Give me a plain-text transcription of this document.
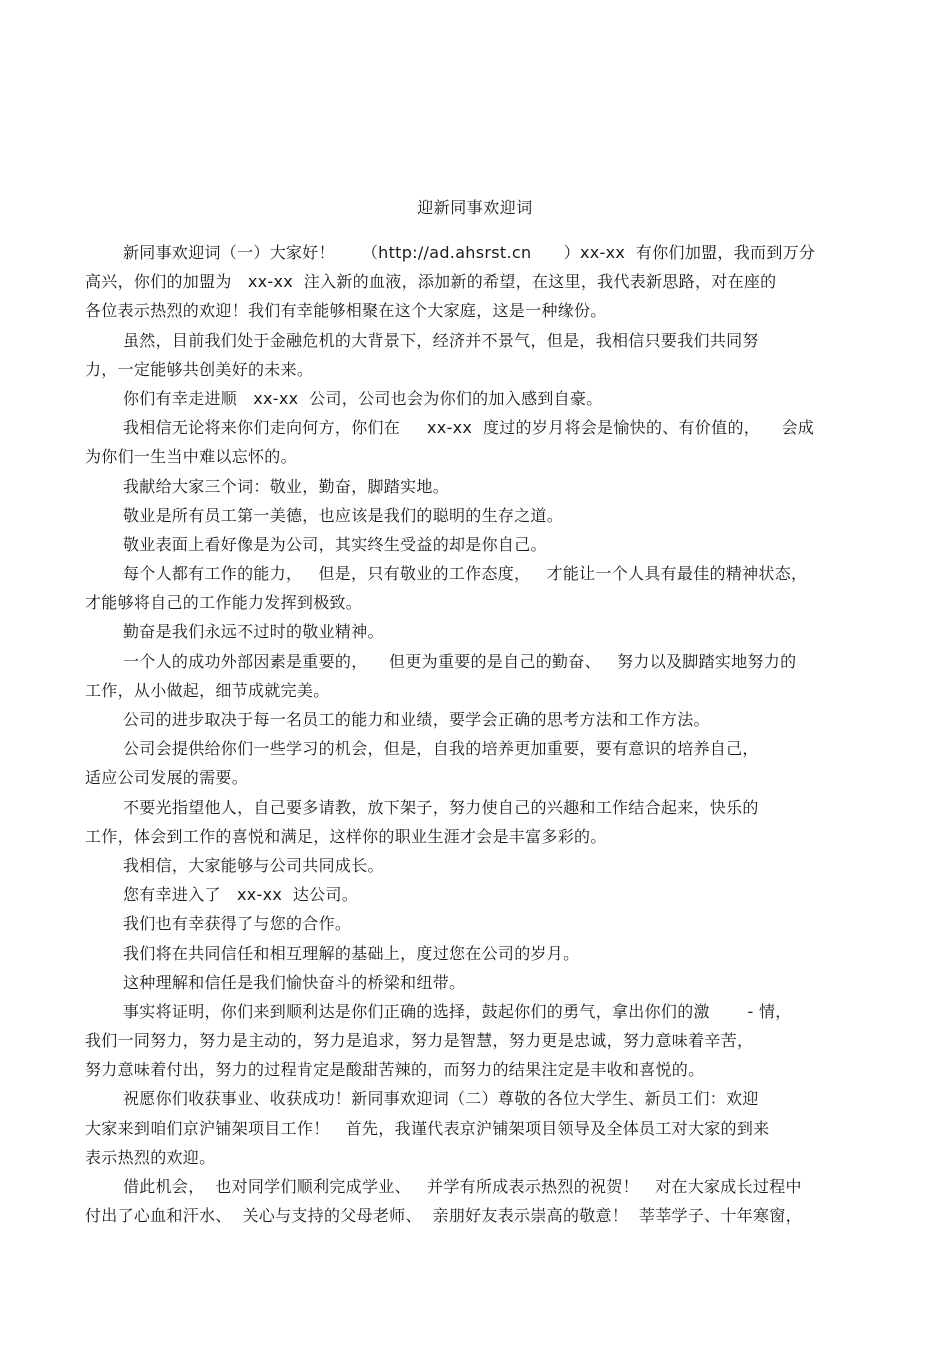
迎新同事欢迎词
新同事欢迎词（一）大家好！     （http://ad.ahsrst.cn      ）xx-xx  有你们加盟，我而到万分
高兴，你们的加盟为   xx-xx  注入新的血液，添加新的希望，在这里，我代表新思路，对在座的
各位表示热烈的欢迎！我们有幸能够相聚在这个大家庭，这是一种缘份。
虽然，目前我们处于金融危机的大背景下，经济并不景气，但是，我相信只要我们共同努
力，一定能够共创美好的未来。
你们有幸走进顺   xx-xx  公司，公司也会为你们的加入感到自豪。
我相信无论将来你们走向何方，你们在     xx-xx  度过的岁月将会是愉快的、有价值的，    会成
为你们一生当中难以忘怀的。
我献给大家三个词：敬业，勤奋，脚踏实地。
敬业是所有员工第一美德，也应该是我们的聪明的生存之道。
敬业表面上看好像是为公司，其实终生受益的却是你自己。
每个人都有工作的能力，   但是，只有敬业的工作态度，   才能让一个人具有最佳的精神状态，
才能够将自己的工作能力发挥到极致。
勤奋是我们永远不过时的敬业精神。
一个人的成功外部因素是重要的，    但更为重要的是自己的勤奋、   努力以及脚踏实地努力的
工作，从小做起，细节成就完美。
公司的进步取决于每一名员工的能力和业绩，要学会正确的思考方法和工作方法。
公司会提供给你们一些学习的机会，但是，自我的培养更加重要，要有意识的培养自己，
适应公司发展的需要。
不要光指望他人，自己要多请教，放下架子，努力使自己的兴趣和工作结合起来，快乐的
工作，体会到工作的喜悦和满足，这样你的职业生涯才会是丰富多彩的。
我相信，大家能够与公司共同成长。
您有幸进入了   xx-xx  达公司。
我们也有幸获得了与您的合作。
我们将在共同信任和相互理解的基础上，度过您在公司的岁月。
这种理解和信任是我们愉快奋斗的桥梁和纽带。
事实将证明，你们来到顺利达是你们正确的选择，鼓起你们的勇气，拿出你们的激       - 情，
我们一同努力，努力是主动的，努力是追求，努力是智慧，努力更是忠诚，努力意味着辛苦，
努力意味着付出，努力的过程肯定是酸甜苦辣的，而努力的结果注定是丰收和喜悦的。
祝愿你们收获事业、收获成功！新同事欢迎词（二）尊敬的各位大学生、新员工们：欢迎
大家来到咱们京沪铺架项目工作！   首先，我谨代表京沪铺架项目领导及全体员工对大家的到来
表示热烈的欢迎。
借此机会，  也对同学们顺利完成学业、   并学有所成表示热烈的祝贺！   对在大家成长过程中
付出了心血和汗水、  关心与支持的父母老师、  亲朋好友表示崇高的敬意！  莘莘学子、十年寒窗，
